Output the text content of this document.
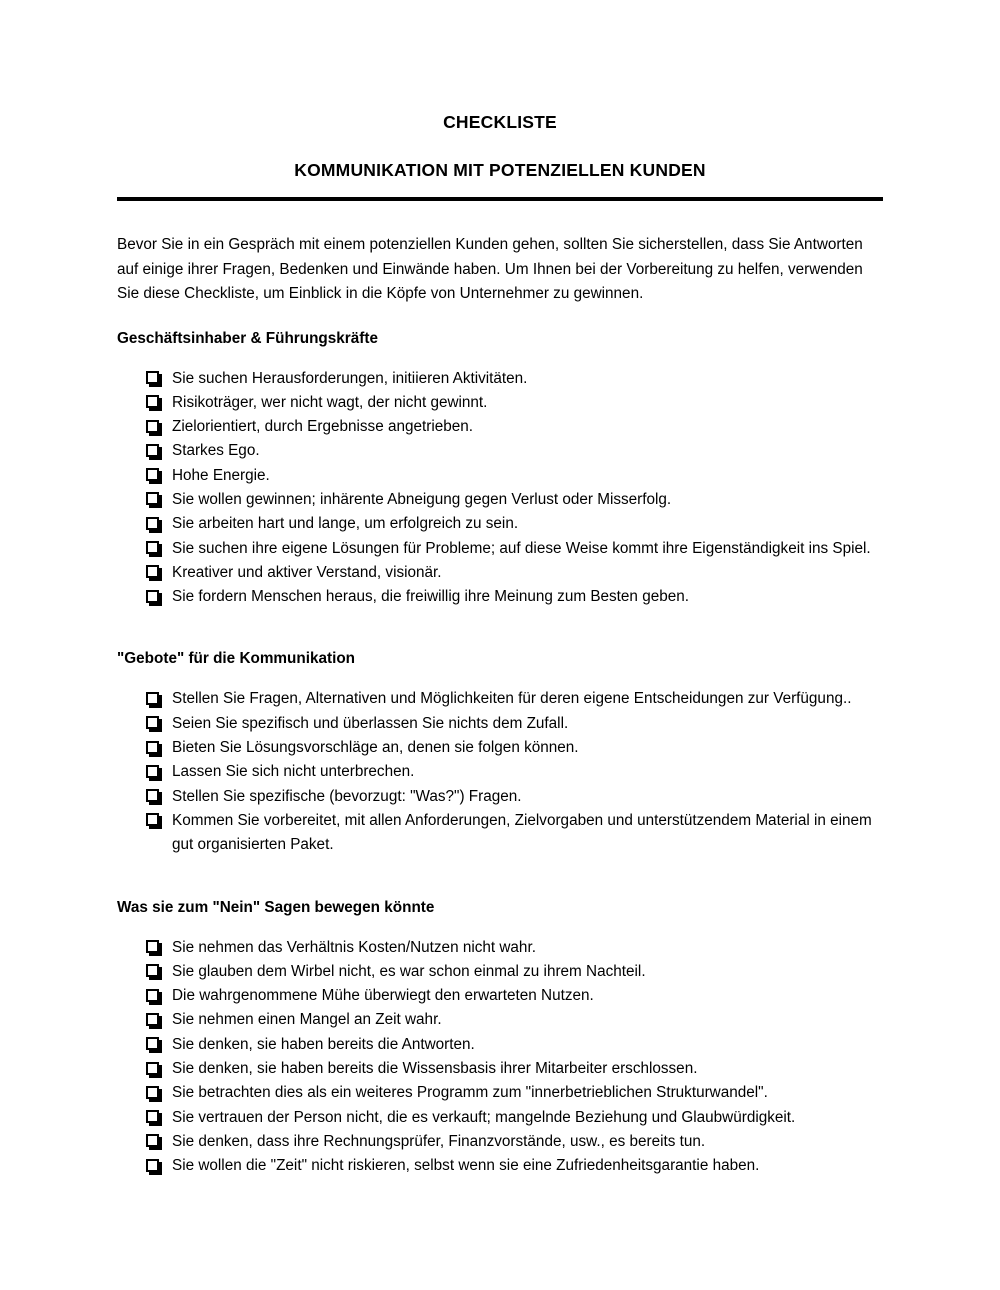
CHECKLISTE
KOMMUNIKATION MIT POTENZIELLEN KUNDEN

Bevor Sie in ein Gespräch mit einem potenziellen Kunden gehen, sollten Sie sicherstellen, dass Sie Antworten auf einige ihrer Fragen, Bedenken und Einwände haben. Um Ihnen bei der Vorbereitung zu helfen, verwenden Sie diese Checkliste, um Einblick in die Köpfe von Unternehmer zu gewinnen.

Geschäftsinhaber & Führungskräfte
Sie suchen Herausforderungen, initiieren Aktivitäten.
Risikoträger, wer nicht wagt, der nicht gewinnt.
Zielorientiert, durch Ergebnisse angetrieben.
Starkes Ego.
Hohe Energie.
Sie wollen gewinnen; inhärente Abneigung gegen Verlust oder Misserfolg.
Sie arbeiten hart und lange, um erfolgreich zu sein.
Sie suchen ihre eigene Lösungen für Probleme; auf diese Weise kommt ihre Eigenständigkeit ins Spiel.
Kreativer und aktiver Verstand, visionär.
Sie fordern Menschen heraus, die freiwillig ihre Meinung zum Besten geben.
"Gebote" für die Kommunikation
Stellen Sie Fragen, Alternativen und Möglichkeiten für deren eigene Entscheidungen zur Verfügung..
Seien Sie spezifisch und überlassen Sie nichts dem Zufall.
Bieten Sie Lösungsvorschläge an, denen sie folgen können.
Lassen Sie sich nicht unterbrechen.
Stellen Sie spezifische (bevorzugt: "Was?") Fragen.
Kommen Sie vorbereitet, mit allen Anforderungen, Zielvorgaben und unterstützendem Material in einem gut organisierten Paket.
Was sie zum "Nein" Sagen bewegen könnte
Sie nehmen das Verhältnis Kosten/Nutzen nicht wahr.
Sie glauben dem Wirbel nicht, es war schon einmal zu ihrem Nachteil.
Die wahrgenommene Mühe überwiegt den erwarteten Nutzen.
Sie nehmen einen Mangel an Zeit wahr.
Sie denken, sie haben bereits die Antworten.
Sie denken, sie haben bereits die Wissensbasis ihrer Mitarbeiter erschlossen.
Sie betrachten dies als ein weiteres Programm zum "innerbetrieblichen Strukturwandel".
Sie vertrauen der Person nicht, die es verkauft; mangelnde Beziehung und Glaubwürdigkeit.
Sie denken, dass ihre Rechnungsprüfer, Finanzvorstände, usw., es bereits tun.
Sie wollen die "Zeit" nicht riskieren, selbst wenn sie eine Zufriedenheitsgarantie haben.
